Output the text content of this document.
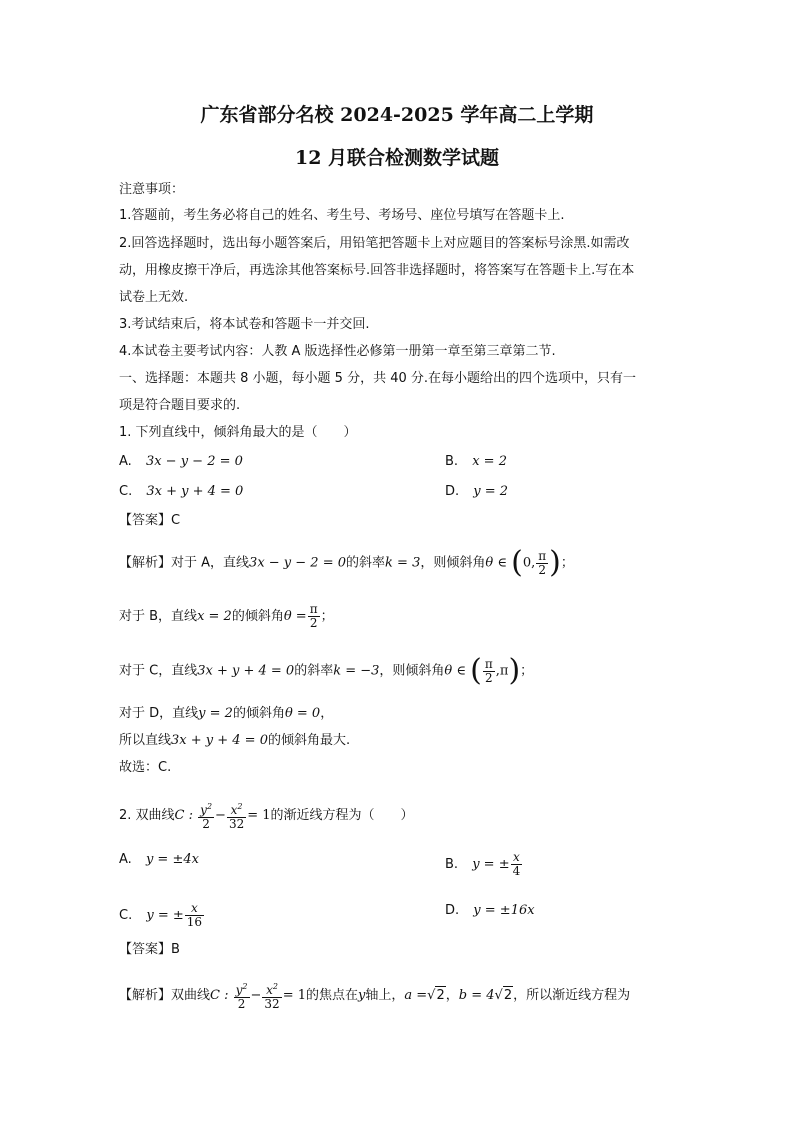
广东省部分名校 2024-2025 学年高二上学期
12 月联合检测数学试题
注意事项：
1.答题前，考生务必将自己的姓名、考生号、考场号、座位号填写在答题卡上.
2.回答选择题时，选出每小题答案后，用铅笔把答题卡上对应题目的答案标号涂黑.如需改
动，用橡皮擦干净后，再选涂其他答案标号.回答非选择题时，将答案写在答题卡上.写在本
试卷上无效.
3.考试结束后，将本试卷和答题卡一并交回.
4.本试卷主要考试内容：人教 A 版选择性必修第一册第一章至第三章第二节.
一、选择题：本题共 8 小题，每小题 5 分，共 40 分.在每小题给出的四个选项中，只有一
项是符合题目要求的.
1. 下列直线中，倾斜角最大的是（　　）
A. 3x − y − 2 = 0	B. x = 2
C. 3x + y + 4 = 0	D. y = 2
【答案】C
【解析】对于 A，直线3x − y − 2 = 0的斜率k = 3，则倾斜角θ ∈ (0, $\frac{\pi}{2}$ )；
对于 B，直线x = 2的倾斜角$\theta = \frac{\pi}{2}$ ；
对于 C，直线3x + y + 4 = 0的斜率k = −3，则倾斜角θ ∈ ( $\frac{\pi}{2} ,\pi$)；
对于 D，直线y = 2的倾斜角θ = 0，
所以直线3x + y + 4 = 0的倾斜角最大.
故选：C.
2. 双曲线C : $\frac{y^2}{2} - \frac{x^2}{32} = 1$的渐近线方程为（　　）
A. y = ±4x	B. y = ± $\frac{x}{4}$
C. y = ± $\frac{x}{16}$	D. y = ±16x
【答案】B
【解析】双曲线C : $\frac{y^2}{2} - \frac{x^2}{32} = 1$的焦点在y轴上，a =√2，b = 4√2，所以渐近线方程为
